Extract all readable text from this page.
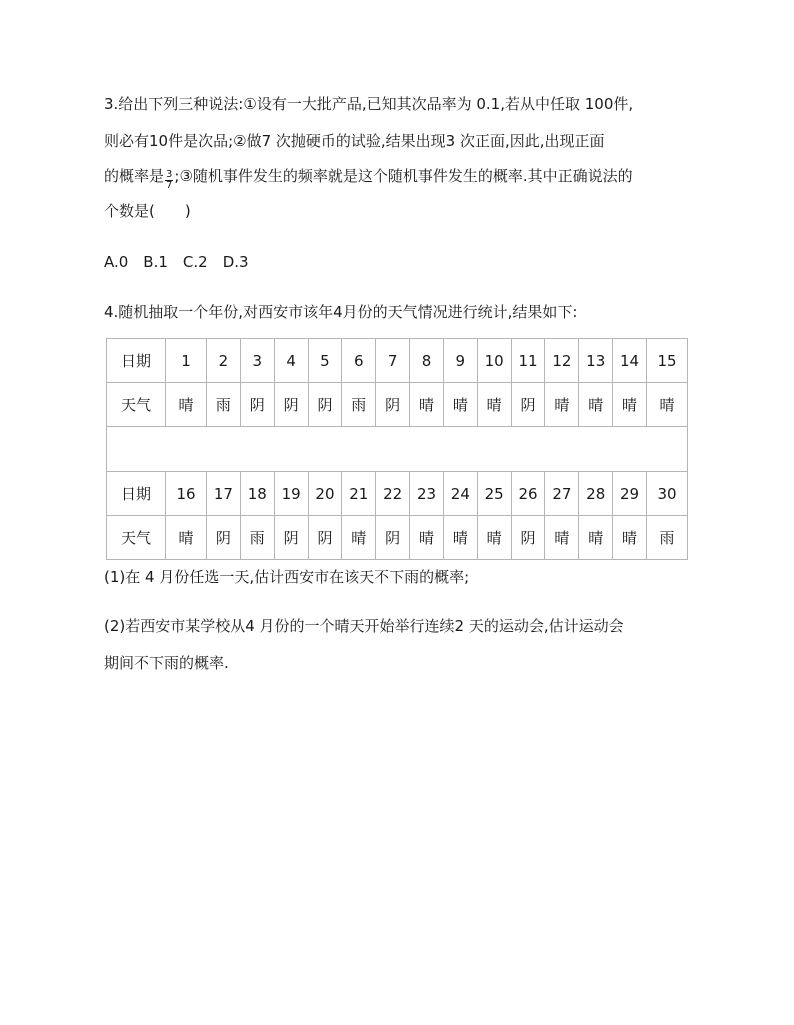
3.给出下列三种说法:①设有一大批产品,已知其次品率为 0.1,若从中任取 100件,
则必有10件是次品;②做7 次抛硬币的试验,结果出现3 次正面,因此,出现正面
的概率是 $\frac{3}{7}$ ;③随机事件发生的频率就是这个随机事件发生的概率.其中正确说法的
个数是(　　)
A.0　B.1　C.2　D.3
4.随机抽取一个年份,对西安市该年4月份的天气情况进行统计,结果如下:
日期	1	2	3	4	5	6	7	8	9	10	11	12	13	14	15
天气	晴	雨	阴	阴	阴	雨	阴	晴	晴	晴	阴	晴	晴	晴	晴

日期	16	17	18	19	20	21	22	23	24	25	26	27	28	29	30
天气	晴	阴	雨	阴	阴	晴	阴	晴	晴	晴	阴	晴	晴	晴	雨
(1)在 4 月份任选一天,估计西安市在该天不下雨的概率;
(2)若西安市某学校从4 月份的一个晴天开始举行连续2 天的运动会,估计运动会
期间不下雨的概率.
